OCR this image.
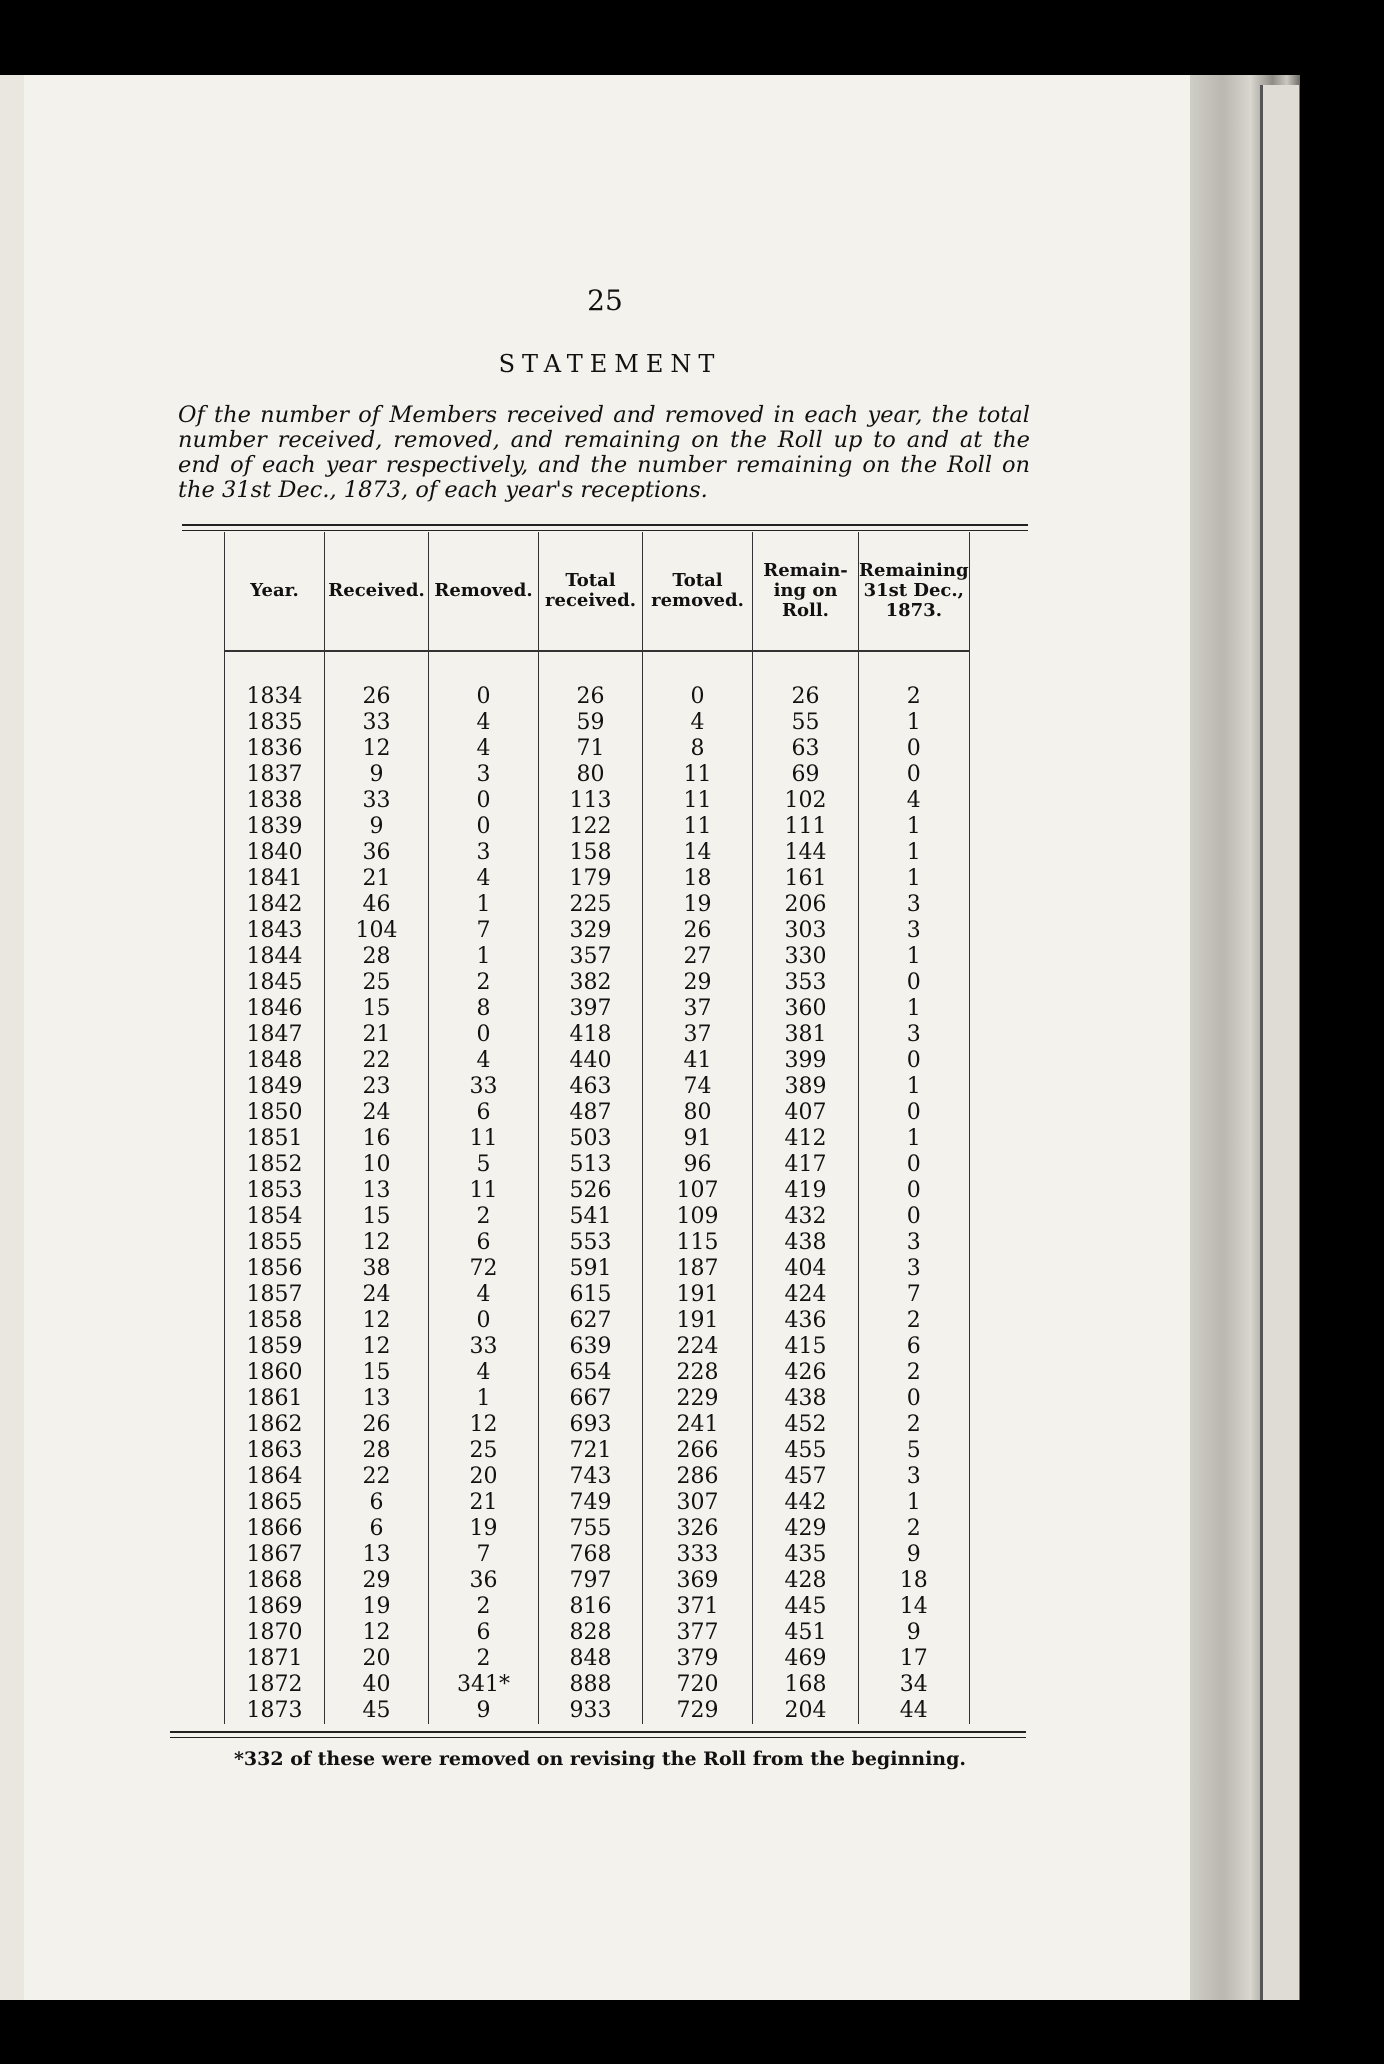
25
STATEMENT
Of the number of Members received and removed in each year, the total number received, removed, and remaining on the Roll up to and at the end of each year respectively, and the number remaining on the Roll on the 31st Dec., 1873, of each year's receptions.
Year.	Received.	Removed.	Total received.	Total removed.	Remain- ing on Roll.	Remaining 31st Dec., 1873.
1834	26	0	26	0	26	2
1835	33	4	59	4	55	1
1836	12	4	71	8	63	0
1837	9	3	80	11	69	0
1838	33	0	113	11	102	4
1839	9	0	122	11	111	1
1840	36	3	158	14	144	1
1841	21	4	179	18	161	1
1842	46	1	225	19	206	3
1843	104	7	329	26	303	3
1844	28	1	357	27	330	1
1845	25	2	382	29	353	0
1846	15	8	397	37	360	1
1847	21	0	418	37	381	3
1848	22	4	440	41	399	0
1849	23	33	463	74	389	1
1850	24	6	487	80	407	0
1851	16	11	503	91	412	1
1852	10	5	513	96	417	0
1853	13	11	526	107	419	0
1854	15	2	541	109	432	0
1855	12	6	553	115	438	3
1856	38	72	591	187	404	3
1857	24	4	615	191	424	7
1858	12	0	627	191	436	2
1859	12	33	639	224	415	6
1860	15	4	654	228	426	2
1861	13	1	667	229	438	0
1862	26	12	693	241	452	2
1863	28	25	721	266	455	5
1864	22	20	743	286	457	3
1865	6	21	749	307	442	1
1866	6	19	755	326	429	2
1867	13	7	768	333	435	9
1868	29	36	797	369	428	18
1869	19	2	816	371	445	14
1870	12	6	828	377	451	9
1871	20	2	848	379	469	17
1872	40	341*	888	720	168	34
1873	45	9	933	729	204	44
*332 of these were removed on revising the Roll from the beginning.
